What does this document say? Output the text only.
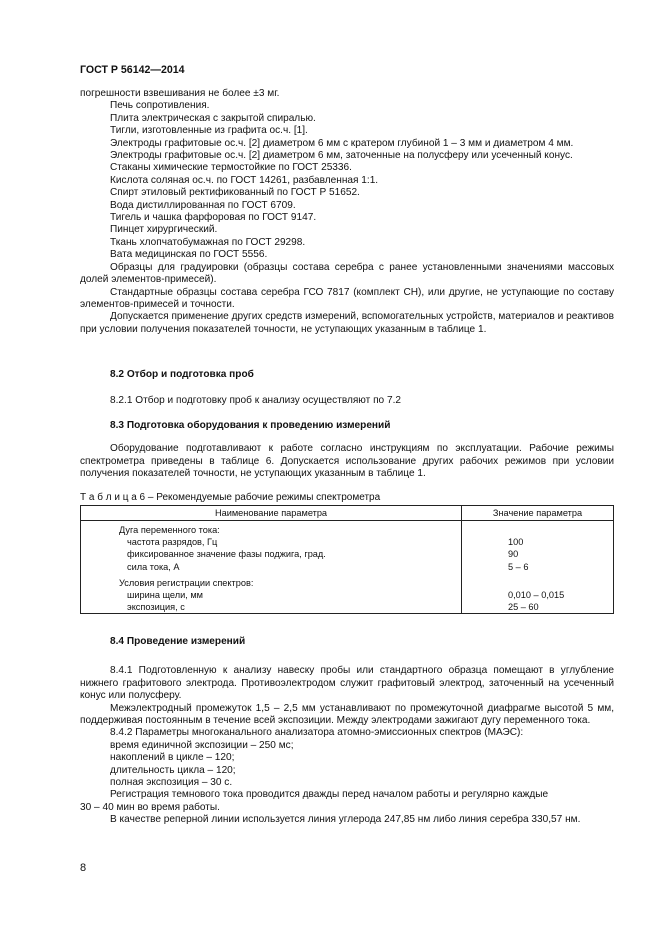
ГОСТ Р 56142—2014

погрешности взвешивания не более ±3 мг.

Печь сопротивления.

Плита электрическая с закрытой спиралью.

Тигли, изготовленные из графита ос.ч. [1].

Электроды графитовые ос.ч. [2] диаметром 6 мм с кратером глубиной 1 – 3 мм и диаметром 4 мм.

Электроды графитовые ос.ч. [2] диаметром 6 мм, заточенные на полусферу или усеченный конус.

Стаканы химические термостойкие по ГОСТ 25336.

Кислота соляная ос.ч. по ГОСТ 14261, разбавленная 1:1.

Спирт этиловый ректификованный по ГОСТ Р 51652.

Вода дистиллированная по ГОСТ 6709.

Тигель и чашка фарфоровая по ГОСТ 9147.

Пинцет хирургический.

Ткань хлопчатобумажная по ГОСТ 29298.

Вата медицинская по ГОСТ 5556.

Образцы для градуировки (образцы состава серебра с ранее установленными значениями массовых долей элементов-примесей).

Стандартные образцы состава серебра ГСО 7817 (комплект СН), или другие, не уступающие по составу элементов-примесей и точности.

Допускается применение других средств измерений, вспомогательных устройств, материалов и реактивов при условии получения показателей точности, не уступающих указанным в таблице 1.

8.2 Отбор и подготовка проб

8.2.1 Отбор и подготовку проб к анализу осуществляют по 7.2

8.3 Подготовка оборудования к проведению измерений

Оборудование подготавливают к работе согласно инструкциям по эксплуатации. Рабочие режимы спектрометра приведены в таблице 6. Допускается использование других рабочих режимов при условии получения показателей точности, не уступающих указанным в таблице 1.

Т а б л и ц а 6 – Рекомендуемые рабочие режимы спектрометра
Наименование параметра	Значение параметра

Дуга переменного тока:	

частота разрядов, Гц	100

фиксированное значение фазы поджига, град.	90

сила тока, А	5 – 6

Условия регистрации спектров:	

ширина щели, мм	0,010 – 0,015

экспозиция, с	25 – 60

8.4 Проведение измерений

8.4.1 Подготовленную к анализу навеску пробы или стандартного образца помещают в углубление нижнего графитового электрода. Противоэлектродом служит графитовый электрод, заточенный на усеченный конус или полусферу.

Межэлектродный промежуток 1,5 – 2,5 мм устанавливают по промежуточной диафрагме высотой 5 мм, поддерживая постоянным в течение всей экспозиции. Между электродами зажигают дугу переменного тока.

8.4.2 Параметры многоканального анализатора атомно-эмиссионных спектров (МАЭС):

время единичной экспозиции – 250 мс;

накоплений в цикле – 120;

длительность цикла – 120;

полная экспозиция – 30 с.

Регистрация темнового тока проводится дважды перед началом работы и регулярно каждые

30 – 40 мин во время работы.

В качестве реперной линии используется линия углерода 247,85 нм либо линия серебра 330,57 нм.

8
